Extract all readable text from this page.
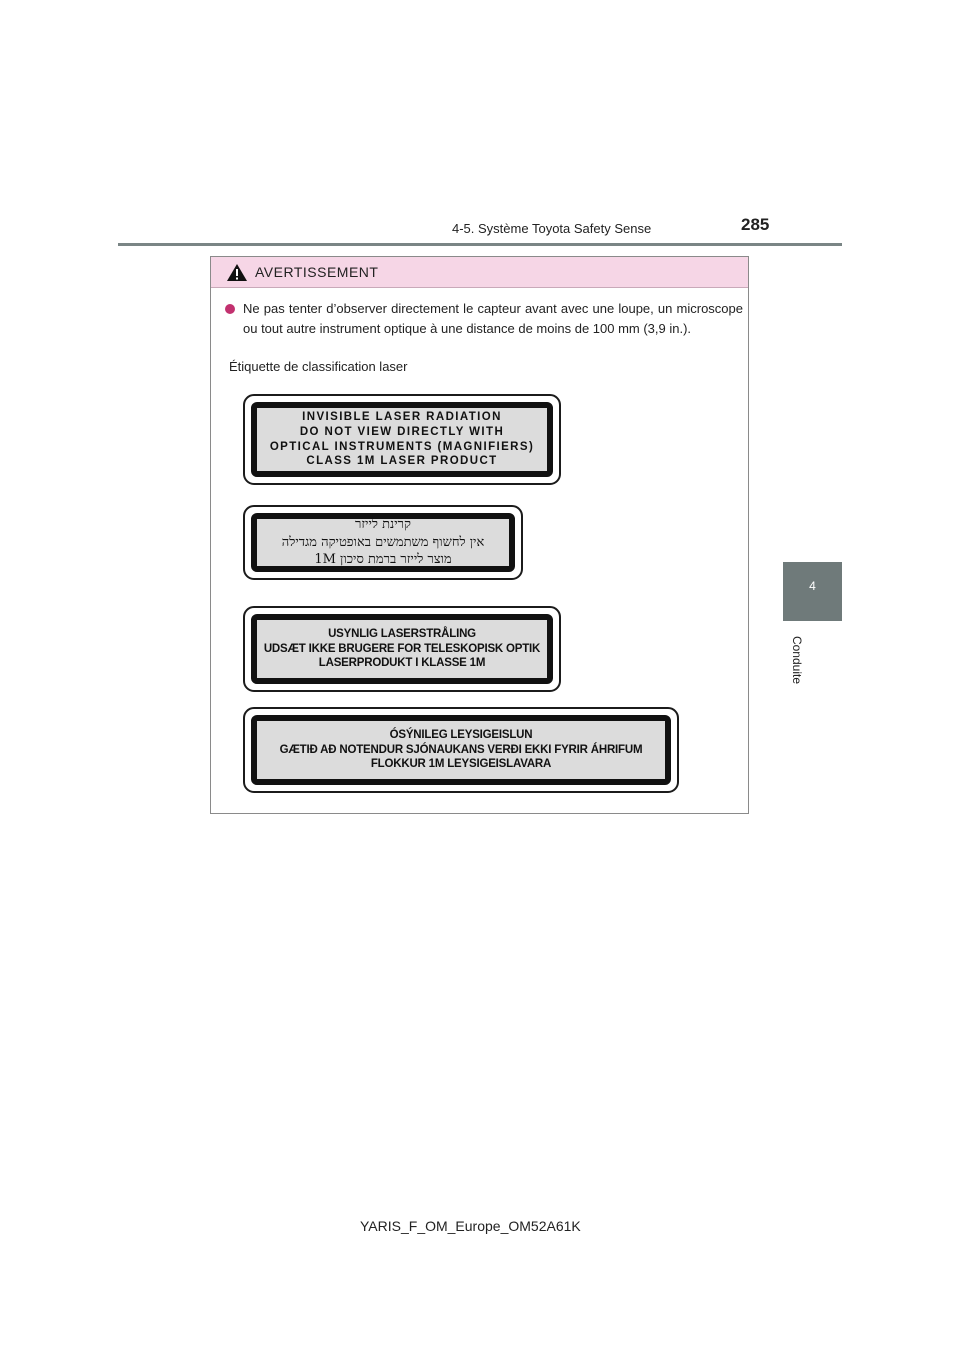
4-5. Système Toyota Safety Sense	285
4
Conduite
AVERTISSEMENT
Ne pas tenter d’observer directement le capteur avant avec une loupe, un microscope ou tout autre instrument optique à une distance de moins de 100 mm (3,9 in.).
Étiquette de classification laser
INVISIBLE LASER RADIATION
DO NOT VIEW DIRECTLY WITH
OPTICAL INSTRUMENTS (MAGNIFIERS)
CLASS 1M LASER PRODUCT
קרינת לייזר
אין לחשוף משתמשים באופטיקה מגדילה
מוצר לייזר ברמת סיכון 1M
USYNLIG LASERSTRÅLING
UDSÆT IKKE BRUGERE FOR TELESKOPISK OPTIK
LASERPRODUKT I KLASSE 1M
ÓSÝNILEG LEYSIGEISLUN
GÆTIÐ AÐ NOTENDUR SJÓNAUKANS VERÐI EKKI FYRIR ÁHRIFUM
FLOKKUR 1M LEYSIGEISLAVARA
YARIS_F_OM_Europe_OM52A61K
